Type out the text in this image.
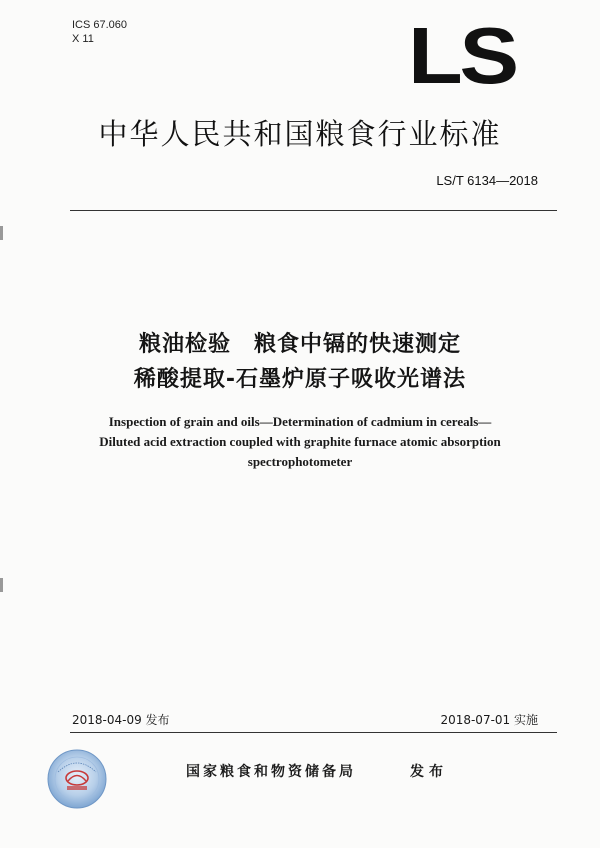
ICS 67.060
X 11	LS
中华人民共和国粮食行业标准
LS/T 6134—2018
粮油检验　粮食中镉的快速测定
稀酸提取-石墨炉原子吸收光谱法
Inspection of grain and oils—Determination of cadmium in cereals—
Diluted acid extraction coupled with graphite furnace atomic absorption
spectrophotometer
2018-04-09 发布	2018-07-01 实施
国家粮食和物资储备局	发布
